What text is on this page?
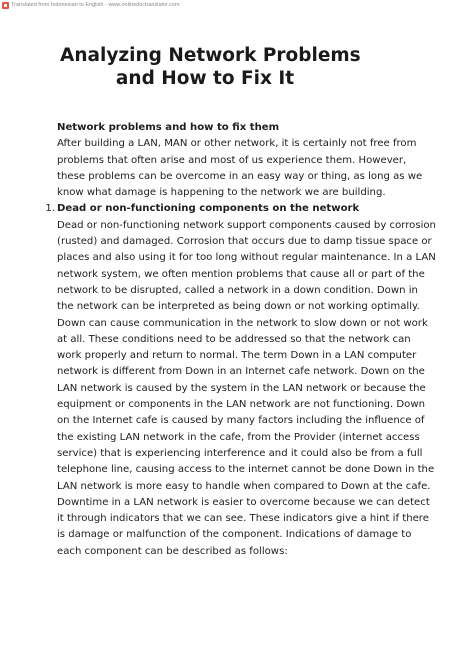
Translated from Indonesian to English - www.onlinedoctranslator.com
Analyzing Network Problems
and How to Fix It

Network problems and how to fix them

After building a LAN, MAN or other network, it is certainly not free from problems that often arise and most of us experience them. However, these problems can be overcome in an easy way or thing, as long as we know what damage is happening to the network we are building.

1. Dead or non-functioning components on the network

Dead or non-functioning network support components caused by corrosion (rusted) and damaged. Corrosion that occurs due to damp tissue space or places and also using it for too long without regular maintenance. In a LAN network system, we often mention problems that cause all or part of the network to be disrupted, called a network in a down condition. Down in the network can be interpreted as being down or not working optimally. Down can cause communication in the network to slow down or not work at all. These conditions need to be addressed so that the network can work properly and return to normal. The term Down in a LAN computer network is different from Down in an Internet cafe network. Down on the LAN network is caused by the system in the LAN network or because the equipment or components in the LAN network are not functioning. Down on the Internet cafe is caused by many factors including the influence of the existing LAN network in the cafe, from the Provider (internet access service) that is experiencing interference and it could also be from a full telephone line, causing access to the internet cannot be done Down in the LAN network is more easy to handle when compared to Down at the cafe. Downtime in a LAN network is easier to overcome because we can detect it through indicators that we can see. These indicators give a hint if there is damage or malfunction of the component. Indications of damage to each component can be described as follows:
